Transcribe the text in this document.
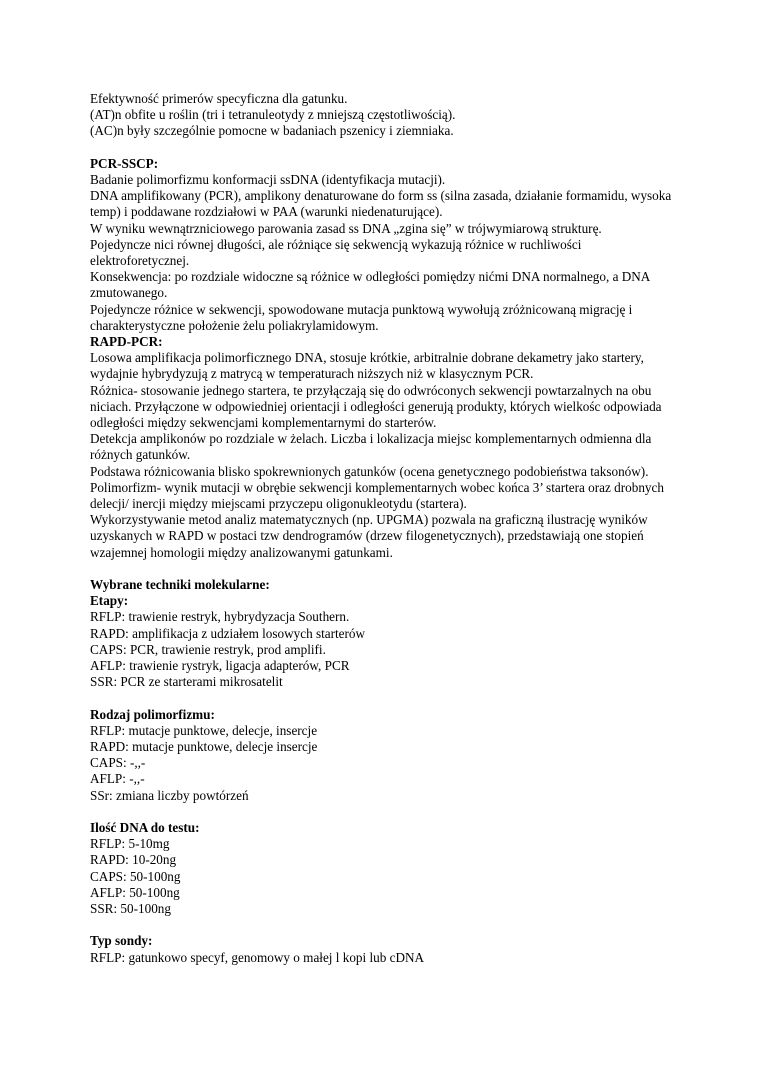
Efektywność primerów specyficzna dla gatunku.

(AT)n obfite u roślin (tri i tetranuleotydy z mniejszą częstotliwością).

(AC)n były szczególnie pomocne w badaniach pszenicy i ziemniaka.

PCR-SSCP:

Badanie polimorfizmu konformacji ssDNA (identyfikacja mutacji).

DNA amplifikowany (PCR), amplikony denaturowane do form ss (silna zasada, działanie formamidu, wysoka temp) i poddawane rozdziałowi w PAA (warunki niedenaturujące).

W wyniku wewnątrzniciowego parowania zasad ss DNA „zgina się” w trójwymiarową strukturę.

Pojedyncze nici równej długości, ale różniące się sekwencją wykazują różnice w ruchliwości elektroforetycznej.

Konsekwencja: po rozdziale widoczne są różnice w odległości pomiędzy nićmi DNA normalnego, a DNA zmutowanego.

Pojedyncze różnice w sekwencji, spowodowane mutacja punktową wywołują zróżnicowaną migrację i charakterystyczne położenie żelu poliakrylamidowym.

RAPD-PCR:

Losowa amplifikacja polimorficznego DNA, stosuje krótkie, arbitralnie dobrane dekametry jako startery, wydajnie hybrydyzują z matrycą w temperaturach niższych niż w klasycznym PCR.

Różnica- stosowanie jednego startera, te przyłączają się do odwróconych sekwencji powtarzalnych na obu niciach. Przyłączone w odpowiedniej orientacji i odległości generują produkty, których wielkośc odpowiada odległości między sekwencjami komplementarnymi do starterów.

Detekcja amplikonów po rozdziale w żelach. Liczba i lokalizacja miejsc komplementarnych odmienna dla różnych gatunków.

Podstawa różnicowania blisko spokrewnionych gatunków (ocena genetycznego podobieństwa taksonów).

Polimorfizm- wynik mutacji w obrębie sekwencji komplementarnych wobec końca 3’ startera oraz drobnych delecji/ inercji między miejscami przyczepu oligonukleotydu (startera).

Wykorzystywanie metod analiz matematycznych (np. UPGMA) pozwala na graficzną ilustrację wyników uzyskanych w RAPD w postaci tzw dendrogramów (drzew filogenetycznych), przedstawiają one stopień wzajemnej homologii między analizowanymi gatunkami.

Wybrane techniki molekularne:

Etapy:

RFLP: trawienie restryk, hybrydyzacja Southern.

RAPD: amplifikacja z udziałem losowych starterów

CAPS: PCR, trawienie restryk, prod amplifi.

AFLP: trawienie rystryk, ligacja adapterów, PCR

SSR: PCR ze starterami mikrosatelit

Rodzaj polimorfizmu:

RFLP: mutacje punktowe, delecje, insercje

RAPD: mutacje punktowe, delecje insercje

CAPS: -,,-

AFLP: -,,-

SSr: zmiana liczby powtórzeń

Ilość DNA do testu:

RFLP: 5-10mg

RAPD: 10-20ng

CAPS: 50-100ng

AFLP: 50-100ng

SSR: 50-100ng

Typ sondy:

RFLP: gatunkowo specyf, genomowy o małej l kopi lub cDNA
